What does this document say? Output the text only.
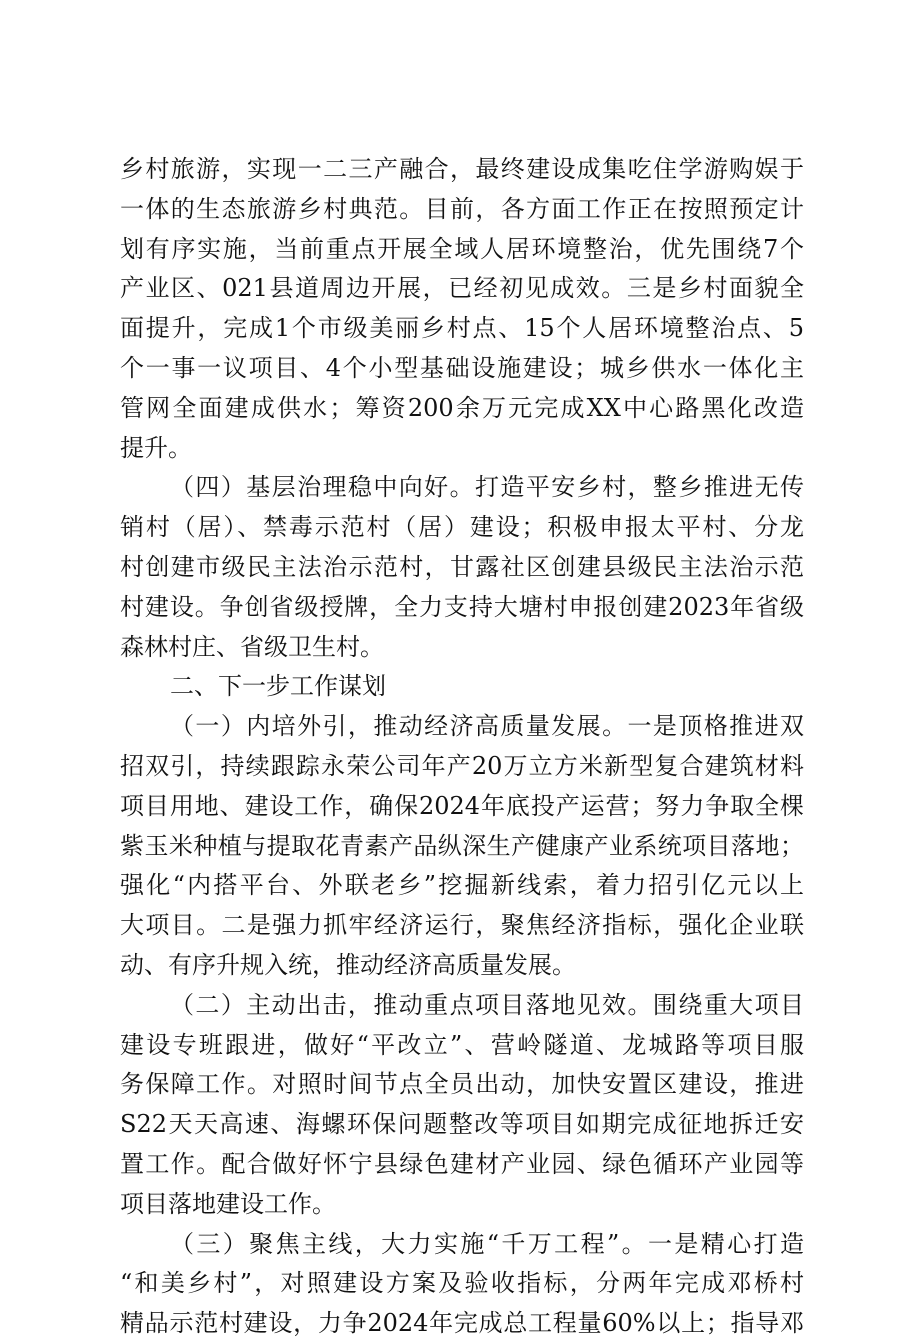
乡村旅游，实现一二三产融合，最终建设成集吃住学游购娱于
一体的生态旅游乡村典范。目前，各方面工作正在按照预定计
划有序实施，当前重点开展全域人居环境整治，优先围绕7个
产业区、021县道周边开展，已经初见成效。三是乡村面貌全
面提升，完成1个市级美丽乡村点、15个人居环境整治点、5
个一事一议项目、4个小型基础设施建设；城乡供水一体化主
管网全面建成供水；筹资200余万元完成XX中心路黑化改造
提升。
（四）基层治理稳中向好。打造平安乡村，整乡推进无传
销村（居）、禁毒示范村（居）建设；积极申报太平村、分龙
村创建市级民主法治示范村，甘露社区创建县级民主法治示范
村建设。争创省级授牌，全力支持大塘村申报创建2023年省级
森林村庄、省级卫生村。
二、下一步工作谋划
（一）内培外引，推动经济高质量发展。一是顶格推进双
招双引，持续跟踪永荣公司年产20万立方米新型复合建筑材料
项目用地、建设工作，确保2024年底投产运营；努力争取全棵
紫玉米种植与提取花青素产品纵深生产健康产业系统项目落地；
强化“内搭平台、外联老乡”挖掘新线索，着力招引亿元以上
大项目。二是强力抓牢经济运行，聚焦经济指标，强化企业联
动、有序升规入统，推动经济高质量发展。
（二）主动出击，推动重点项目落地见效。围绕重大项目
建设专班跟进，做好“平改立”、营岭隧道、龙城路等项目服
务保障工作。对照时间节点全员出动，加快安置区建设，推进
S22天天高速、海螺环保问题整改等项目如期完成征地拆迁安
置工作。配合做好怀宁县绿色建材产业园、绿色循环产业园等
项目落地建设工作。
（三）聚焦主线，大力实施“千万工程”。一是精心打造
“和美乡村”，对照建设方案及验收指标，分两年完成邓桥村
精品示范村建设，力争2024年完成总工程量60%以上；指导邓
